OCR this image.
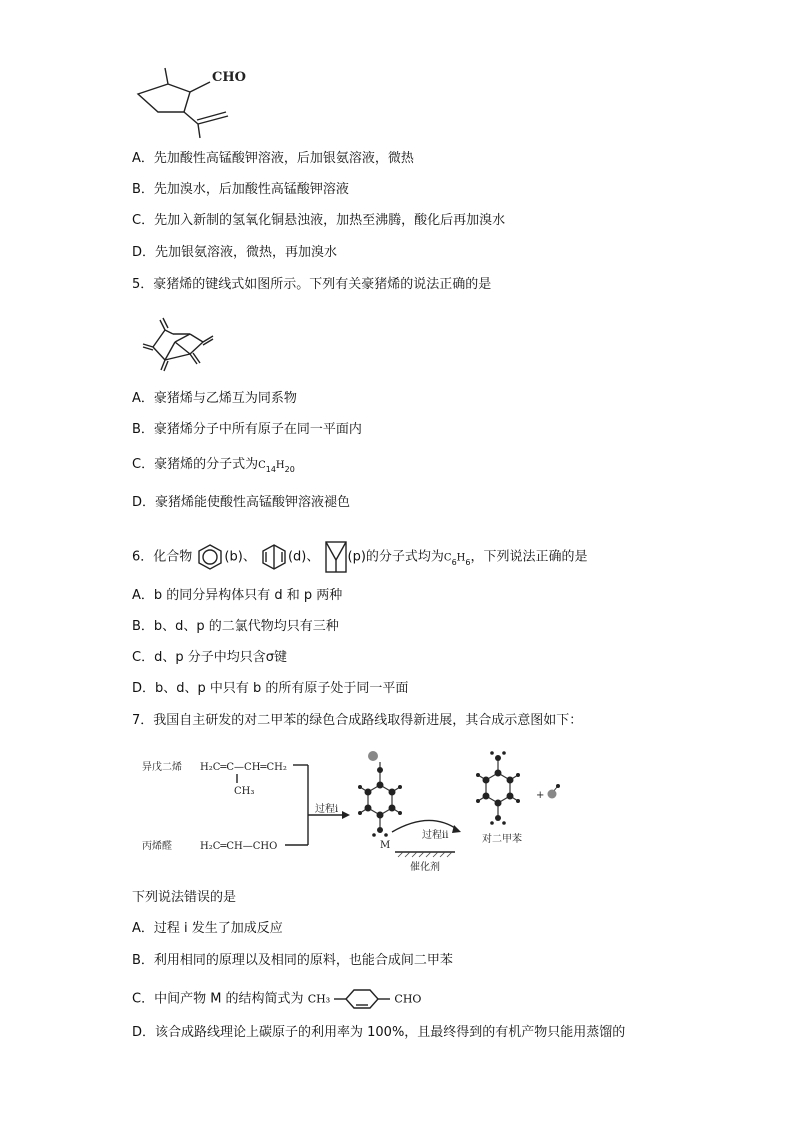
CHO
A．先加酸性高锰酸钾溶液，后加银氨溶液，微热
B．先加溴水，后加酸性高锰酸钾溶液
C．先加入新制的氢氧化铜悬浊液，加热至沸腾，酸化后再加溴水
D．先加银氨溶液，微热，再加溴水
5．豪猪烯的键线式如图所示。下列有关豪猪烯的说法正确的是
A．豪猪烯与乙烯互为同系物
B．豪猪烯分子中所有原子在同一平面内
C．豪猪烯的分子式为$C_{14}H_{20}$
D．豪猪烯能使酸性高锰酸钾溶液褪色
6．化合物 (b)、 (d)、 (p)的分子式均为$C_6H_6$，下列说法正确的是
A．b 的同分异构体只有 d 和 p 两种
B．b、d、p 的二氯代物均只有三种
C．d、p 分子中均只含σ键
D．b、d、p 中只有 b 的所有原子处于同一平面
7．我国自主研发的对二甲苯的绿色合成路线取得新进展，其合成示意图如下：
异戊二烯 H₂C═C—CH═CH₂
CH₃
丙烯醛	H₂C═CH—CHO
过程i
M
过程ii
催化剂
对二甲苯
+
下列说法错误的是
A．过程 i 发生了加成反应
B．利用相同的原理以及相同的原料，也能合成间二甲苯
C．中间产物 M 的结构简式为 CH₃	CHO
D．该合成路线理论上碳原子的利用率为 100%，且最终得到的有机产物只能用蒸馏的
